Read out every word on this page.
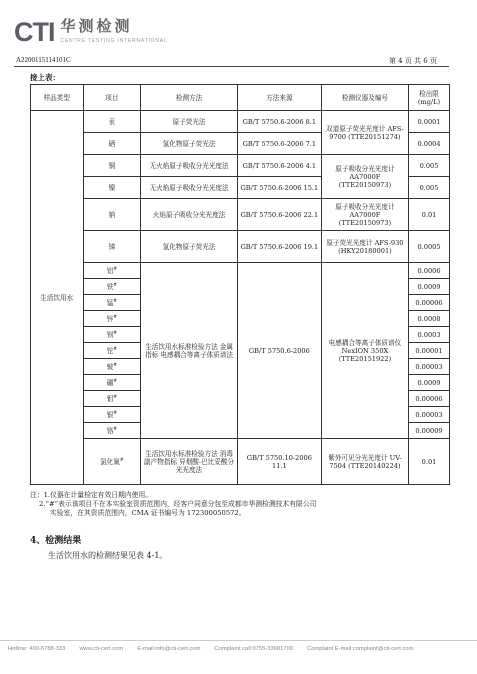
CTI 华测检测
CENTRE TESTING INTERNATIONAL
A2200115114101C	第 4 页 共 6 页
接上表：
样品类型	项目	检测方法	方法来源	检测仪器及编号	检出限(mg/L)
生活饮用水	汞	原子荧光法	GB/T 5750.6-2006 8.1	双道原子荧光光度计 AFS-9700 (TTE20151274)	0.0001
	硒	氢化物原子荧光法	GB/T 5750.6-2006 7.1		0.0004
	铜	无火焰原子吸收分光光度法	GB/T 5750.6-2006 4.1	原子吸收分光光度计 AA7000F (TTE20150973)	0.005
	镍	无火焰原子吸收分光光度法	GB/T 5750.6-2006 15.1		0.005
	钠	火焰原子吸收分光光度法	GB/T 5750.6-2006 22.1	原子吸收分光光度计 AA7000F (TTE20150973)	0.01
	锑	氢化物原子荧光法	GB/T 5750.6-2006 19.1	原子荧光光度计 AFS-930 (HKY20180001)	0.0005
	铝#	生活饮用水标准检验方法 金属指标 电感耦合等离子体质谱法	GB/T 5750.6-2006	电感耦合等离子体质谱仪 NexION 350X (TTE20151922)	0.0006
	铁#				0.0009
	锰#				0.00006
	锌#				0.0008
	钡#				0.0003
	铊#				0.00001
	铍#				0.00003
	硼#				0.0009
	钼#				0.00006
	银#				0.00003
	铬#				0.00009
	氯化氰#	生活饮用水标准检验方法 消毒副产物指标 异烟酸-巴比妥酸分光光度法	GB/T 5750.10-2006 11.1	紫外可见分光光度计 UV-7504 (TTE20140224)	0.01
注：1.仪器在计量检定有效日期内使用。
2.“#”表示该项目不在本实验室资质范围内，经客户同意分包至成都市华测检测技术有限公司
实验室，在其资质范围内，CMA 证书编号为 172300050572。
4、检测结果
生活饮用水的检测结果见表 4-1。
Hotline: 400-6788-333 www.cti-cert.com E-mail:info@cti-cert.com Complaint call:0755-33681700 Complaint E-mail:complaint@cti-cert.com
